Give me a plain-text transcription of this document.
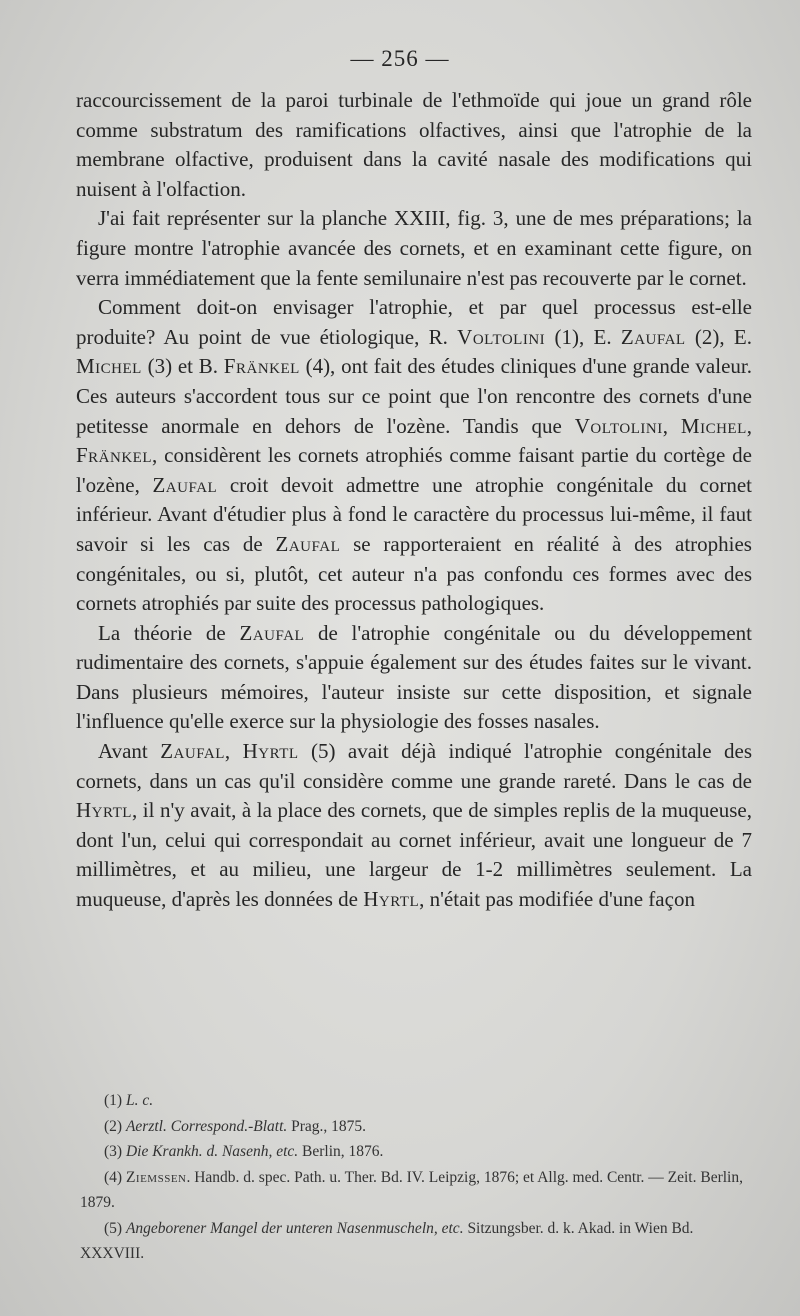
— 256 —

raccourcissement de la paroi turbinale de l'ethmoïde qui joue un grand rôle comme substratum des ramifications olfactives, ainsi que l'atrophie de la membrane olfactive, produisent dans la cavité nasale des modifications qui nuisent à l'olfaction.

J'ai fait représenter sur la planche XXIII, fig. 3, une de mes préparations; la figure montre l'atrophie avancée des cornets, et en examinant cette figure, on verra immédiatement que la fente semilunaire n'est pas recouverte par le cornet.

Comment doit-on envisager l'atrophie, et par quel processus est-elle produite? Au point de vue étiologique, R. Voltolini (1), E. Zaufal (2), E. Michel (3) et B. Fränkel (4), ont fait des études cliniques d'une grande valeur. Ces auteurs s'accordent tous sur ce point que l'on rencontre des cornets d'une petitesse anormale en dehors de l'ozène. Tandis que Voltolini, Michel, Fränkel, considèrent les cornets atrophiés comme faisant partie du cortège de l'ozène, Zaufal croit devoit admettre une atrophie congénitale du cornet inférieur. Avant d'étudier plus à fond le caractère du processus lui-même, il faut savoir si les cas de Zaufal se rapporteraient en réalité à des atrophies congénitales, ou si, plutôt, cet auteur n'a pas confondu ces formes avec des cornets atrophiés par suite des processus pathologiques.

La théorie de Zaufal de l'atrophie congénitale ou du développement rudimentaire des cornets, s'appuie également sur des études faites sur le vivant. Dans plusieurs mémoires, l'auteur insiste sur cette disposition, et signale l'influence qu'elle exerce sur la physiologie des fosses nasales.

Avant Zaufal, Hyrtl (5) avait déjà indiqué l'atrophie congénitale des cornets, dans un cas qu'il considère comme une grande rareté. Dans le cas de Hyrtl, il n'y avait, à la place des cornets, que de simples replis de la muqueuse, dont l'un, celui qui correspondait au cornet inférieur, avait une longueur de 7 millimètres, et au milieu, une largeur de 1-2 millimètres seulement. La muqueuse, d'après les données de Hyrtl, n'était pas modifiée d'une façon

(1) L. c.
(2) Aerztl. Correspond.-Blatt. Prag., 1875.
(3) Die Krankh. d. Nasenh, etc. Berlin, 1876.
(4) Ziemssen. Handb. d. spec. Path. u. Ther. Bd. IV. Leipzig, 1876; et Allg. med. Centr. — Zeit. Berlin, 1879.
(5) Angeborener Mangel der unteren Nasenmuscheln, etc. Sitzungsber. d. k. Akad. in Wien Bd. XXXVIII.
